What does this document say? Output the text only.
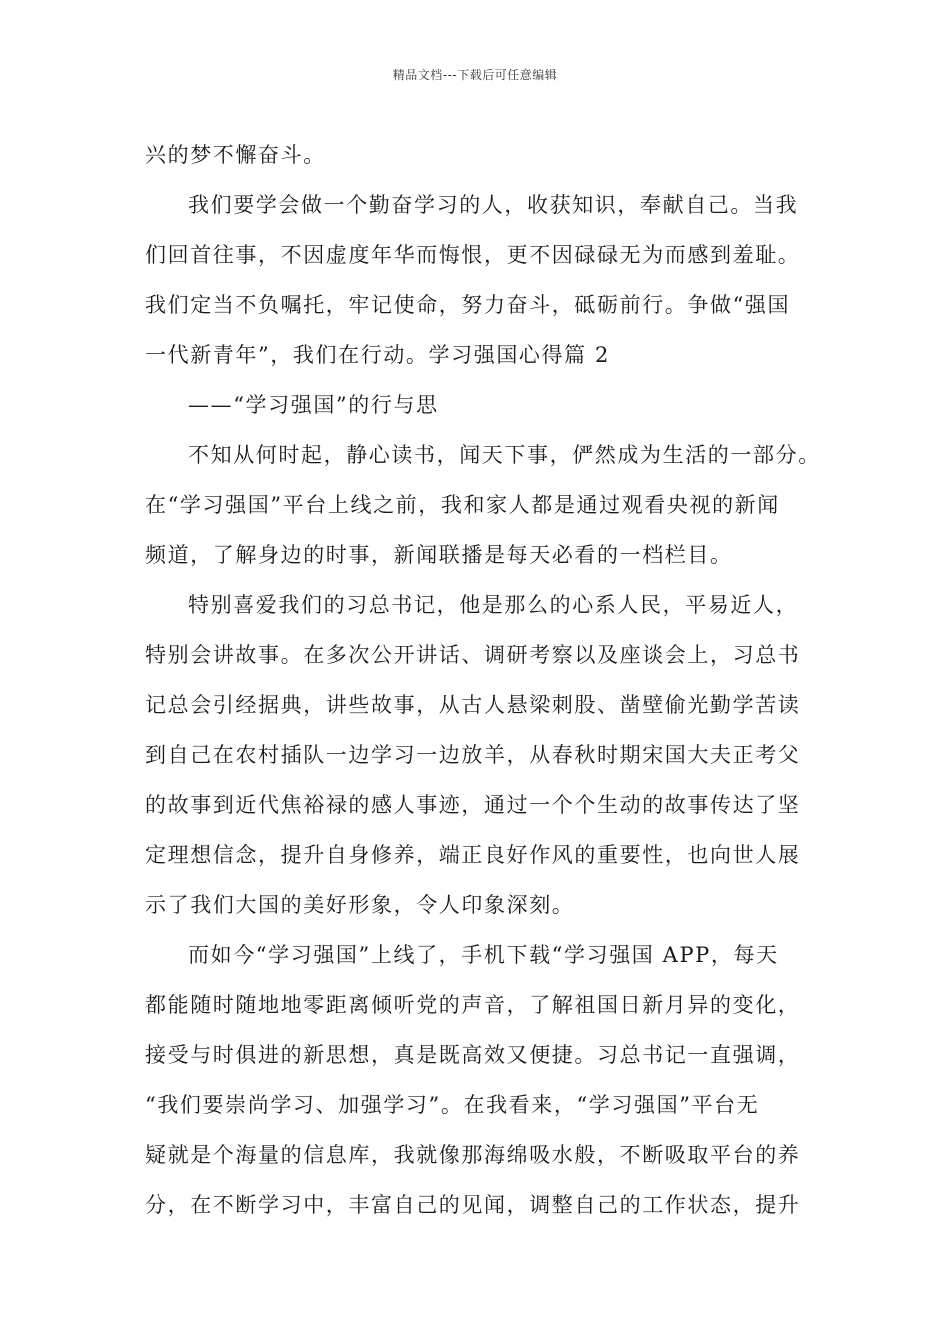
精品文档---下载后可任意编辑
兴的梦不懈奋斗。
我们要学会做一个勤奋学习的人，收获知识，奉献自己。当我
们回首往事，不因虚度年华而悔恨，更不因碌碌无为而感到羞耻。
我们定当不负嘱托，牢记使命，努力奋斗，砥砺前行。争做“强国
一代新青年”，我们在行动。学习强国心得篇 2
——“学习强国”的行与思
不知从何时起，静心读书，闻天下事，俨然成为生活的一部分。
在“学习强国”平台上线之前，我和家人都是通过观看央视的新闻
频道，了解身边的时事，新闻联播是每天必看的一档栏目。
特别喜爱我们的习总书记，他是那么的心系人民，平易近人，
特别会讲故事。在多次公开讲话、调研考察以及座谈会上，习总书
记总会引经据典，讲些故事，从古人悬梁刺股、凿壁偷光勤学苦读
到自己在农村插队一边学习一边放羊，从春秋时期宋国大夫正考父
的故事到近代焦裕禄的感人事迹，通过一个个生动的故事传达了坚
定理想信念，提升自身修养，端正良好作风的重要性，也向世人展
示了我们大国的美好形象，令人印象深刻。
而如今“学习强国”上线了，手机下载“学习强国 APP，每天
都能随时随地地零距离倾听党的声音，了解祖国日新月异的变化，
接受与时俱进的新思想，真是既高效又便捷。习总书记一直强调，
“我们要崇尚学习、加强学习”。在我看来，“学习强国”平台无
疑就是个海量的信息库，我就像那海绵吸水般，不断吸取平台的养
分，在不断学习中，丰富自己的见闻，调整自己的工作状态，提升
